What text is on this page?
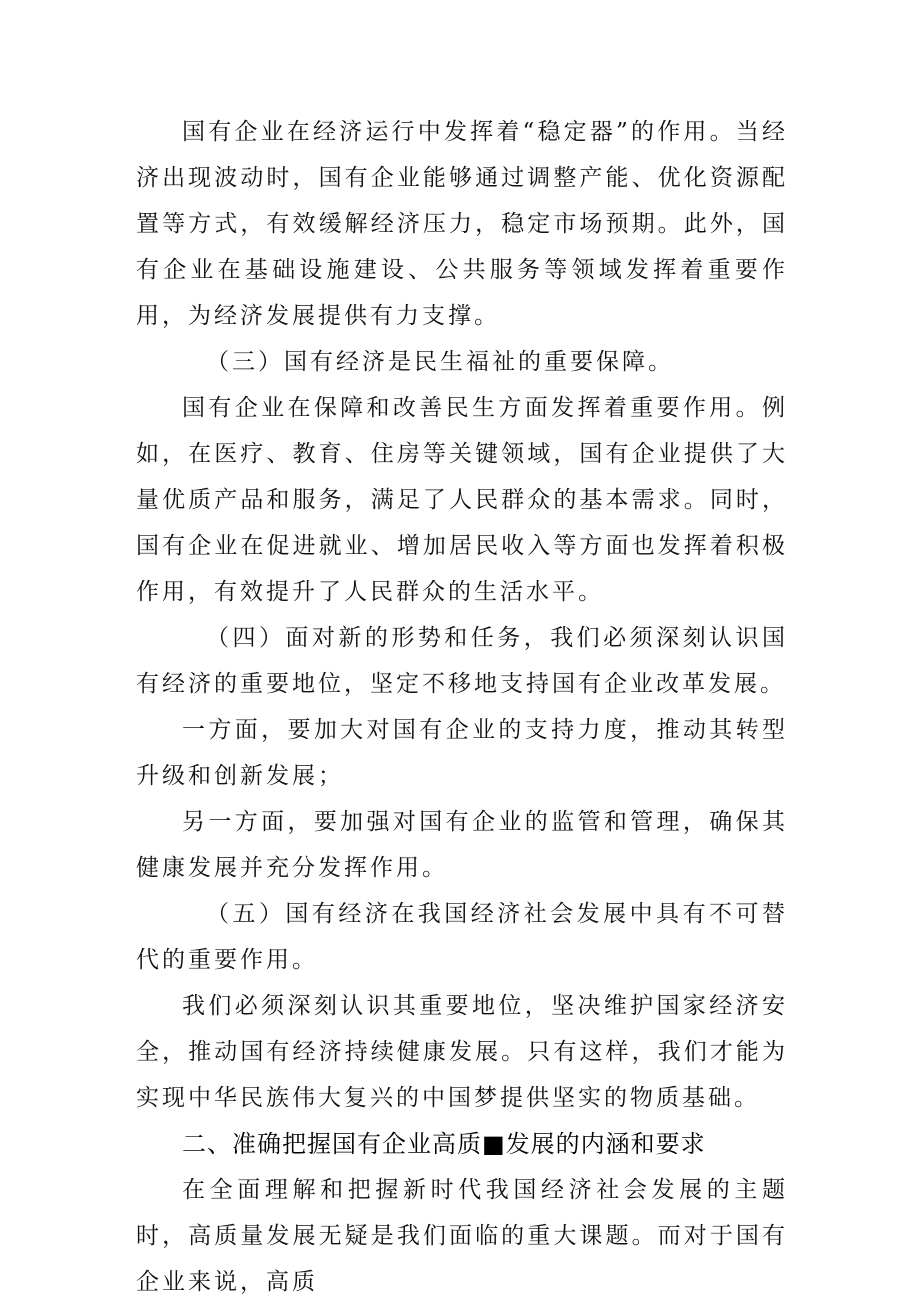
国有企业在经济运行中发挥着“稳定器”的作用。当经济出现波动时，国有企业能够通过调整产能、优化资源配置等方式，有效缓解经济压力，稳定市场预期。此外，国有企业在基础设施建设、公共服务等领域发挥着重要作用，为经济发展提供有力支撑。

（三）国有经济是民生福祉的重要保障。

国有企业在保障和改善民生方面发挥着重要作用。例如，在医疗、教育、住房等关键领域，国有企业提供了大量优质产品和服务，满足了人民群众的基本需求。同时，国有企业在促进就业、增加居民收入等方面也发挥着积极作用，有效提升了人民群众的生活水平。

（四）面对新的形势和任务，我们必须深刻认识国有经济的重要地位，坚定不移地支持国有企业改革发展。

一方面，要加大对国有企业的支持力度，推动其转型升级和创新发展；

另一方面，要加强对国有企业的监管和管理，确保其健康发展并充分发挥作用。

（五）国有经济在我国经济社会发展中具有不可替代的重要作用。

我们必须深刻认识其重要地位，坚决维护国家经济安全，推动国有经济持续健康发展。只有这样，我们才能为实现中华民族伟大复兴的中国梦提供坚实的物质基础。

二、准确把握国有企业高质■发展的内涵和要求

在全面理解和把握新时代我国经济社会发展的主题时，高质量发展无疑是我们面临的重大课题。而对于国有企业来说，高质
